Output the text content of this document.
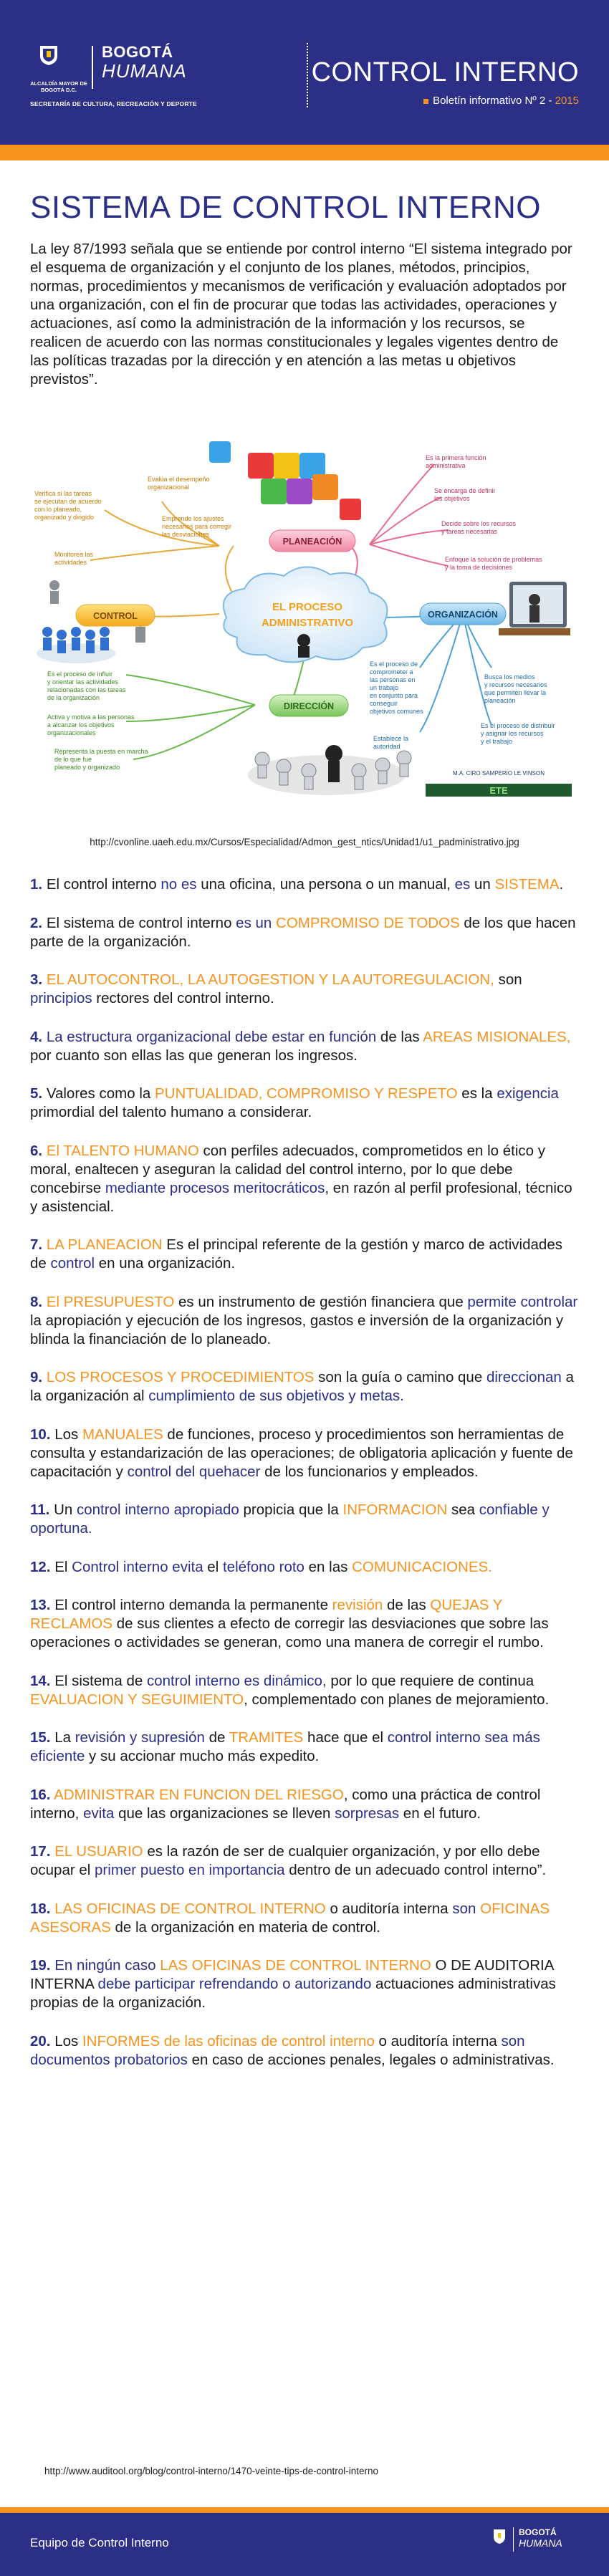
ALCALDÍA MAYOR DE BOGOTÁ D.C.
BOGOTÁ
HUMANA
SECRETARÍA DE CULTURA, RECREACIÓN Y DEPORTE
CONTROL INTERNO
Boletín informativo Nº 2 - 2015
SISTEMA DE CONTROL INTERNO
La ley 87/1993 señala que se entiende por control interno “El sistema integrado por el esquema de organización y el conjunto de los planes, métodos, principios, normas, procedimientos y mecanismos de verificación y evaluación adoptados por una organización, con el fin de procurar que todas las actividades, operaciones y actuaciones, así como la administración de la información y los recursos, se realicen de acuerdo con las normas constitucionales y legales vigentes dentro de las políticas trazadas por la dirección y en atención a las metas u objetivos previstos”.
EL PROCESO
ADMINISTRATIVO
PLANEACIÓN
CONTROL	ORGANIZACIÓN
DIRECCIÓN
Verifica si las tareas se ejecutan de acuerdo con lo planeado, organizado y dirigido
Evalúa el desempeño organizacional
Monitorea las actividades
Emprende los ajustes necesarios para corregir las desviaciones
Es la primera función administrativa
Se encarga de definir los objetivos
Decide sobre los recursos y tareas necesarias
Enfoque la solución de problemas y la toma de decisiones
Es el proceso de comprometer a las personas en un trabajo en conjunto para conseguir objetivos comunes
Busca los medios y recursos necesarios que permiten llevar la planeación
Establece la autoridad
Es el proceso de distribuir y asignar los recursos y el trabajo
Es el proceso de influir y orientar las actividades relacionadas con las tareas de la organización
Activa y motiva a las personas a alcanzar los objetivos organizacionales
Representa la puesta en marcha de lo que fue planeado y organizado
ETE
M.A. CIRO SAMPERIO LE VINSON
http://cvonline.uaeh.edu.mx/Cursos/Especialidad/Admon_gest_ntics/Unidad1/u1_padministrativo.jpg
1. El control interno no es una oficina, una persona o un manual, es un SISTEMA.
2. El sistema de control interno es un COMPROMISO DE TODOS de los que hacen parte de la organización.
3. EL AUTOCONTROL, LA AUTOGESTION Y LA AUTOREGULACION, son principios rectores del control interno.
4. La estructura organizacional debe estar en función de las AREAS MISIONALES, por cuanto son ellas las que generan los ingresos.
5. Valores como la PUNTUALIDAD, COMPROMISO Y RESPETO es la exigencia primordial del talento humano a considerar.
6. El TALENTO HUMANO con perfiles adecuados, comprometidos en lo ético y moral, enaltecen y aseguran la calidad del control interno, por lo que debe concebirse mediante procesos meritocráticos, en razón al perfil profesional, técnico y asistencial.
7. LA PLANEACION Es el principal referente de la gestión y marco de actividades de control en una organización.
8. El PRESUPUESTO es un instrumento de gestión financiera que permite controlar la apropiación y ejecución de los ingresos, gastos e inversión de la organización y blinda la financiación de lo planeado.
9. LOS PROCESOS Y PROCEDIMIENTOS son la guía o camino que direccionan a la organización al cumplimiento de sus objetivos y metas.
10. Los MANUALES de funciones, proceso y procedimientos son herramientas de consulta y estandarización de las operaciones; de obligatoria aplicación y fuente de capacitación y control del quehacer de los funcionarios y empleados.
11. Un control interno apropiado propicia que la INFORMACION sea confiable y oportuna.
12. El Control interno evita el teléfono roto en las COMUNICACIONES.
13. El control interno demanda la permanente revisión de las QUEJAS Y RECLAMOS de sus clientes a efecto de corregir las desviaciones que sobre las operaciones o actividades se generan, como una manera de corregir el rumbo.
14. El sistema de control interno es dinámico, por lo que requiere de continua EVALUACION Y SEGUIMIENTO, complementado con planes de mejoramiento.
15. La revisión y supresión de TRAMITES hace que el control interno sea más eficiente y su accionar mucho más expedito.
16. ADMINISTRAR EN FUNCION DEL RIESGO, como una práctica de control interno, evita que las organizaciones se lleven sorpresas en el futuro.
17. EL USUARIO es la razón de ser de cualquier organización, y por ello debe ocupar el primer puesto en importancia dentro de un adecuado control interno”.
18. LAS OFICINAS DE CONTROL INTERNO o auditoría interna son OFICINAS ASESORAS de la organización en materia de control.
19. En ningún caso LAS OFICINAS DE CONTROL INTERNO O DE AUDITORIA INTERNA debe participar refrendando o autorizando actuaciones administrativas propias de la organización.
20. Los INFORMES de las oficinas de control interno o auditoría interna son documentos probatorios en caso de acciones penales, legales o administrativas.
http://www.auditool.org/blog/control-interno/1470-veinte-tips-de-control-interno
Equipo de Control Interno
BOGOTÁ
HUMANA
